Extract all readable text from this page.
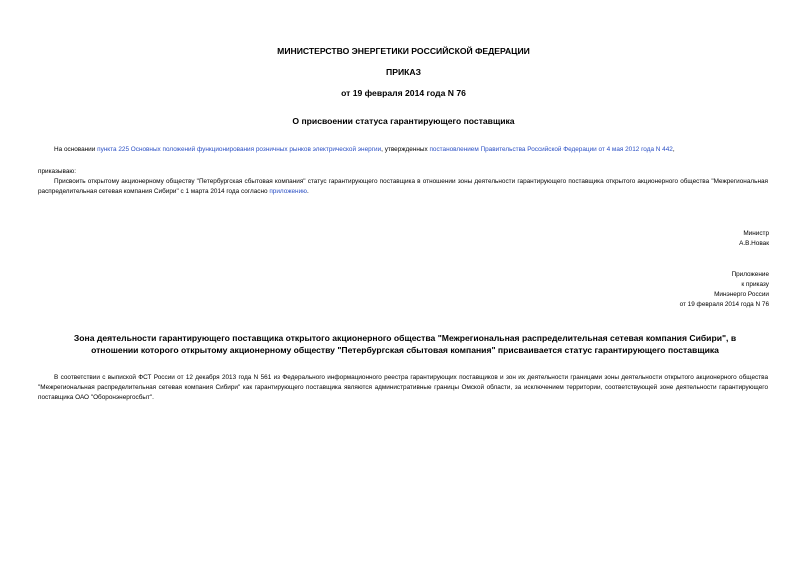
МИНИСТЕРСТВО ЭНЕРГЕТИКИ РОССИЙСКОЙ ФЕДЕРАЦИИ
ПРИКАЗ
от 19 февраля 2014 года N 76
О присвоении статуса гарантирующего поставщика
На основании пункта 225 Основных положений функционирования розничных рынков электрической энергии, утвержденных постановлением Правительства Российской Федерации от 4 мая 2012 года N 442,
приказываю:
Присвоить открытому акционерному обществу "Петербургская сбытовая компания" статус гарантирующего поставщика в отношении зоны деятельности гарантирующего поставщика открытого акционерного общества "Межрегиональная распределительная сетевая компания Сибири" с 1 марта 2014 года согласно приложению.
Министр
А.В.Новак
Приложение
к приказу
Минэнерго России
от 19 февраля 2014 года N 76
Зона деятельности гарантирующего поставщика открытого акционерного общества "Межрегиональная распределительная сетевая компания Сибири", в отношении которого открытому акционерному обществу "Петербургская сбытовая компания" присваивается статус гарантирующего поставщика
В соответствии с выпиской ФСТ России от 12 декабря 2013 года N 561 из Федерального информационного реестра гарантирующих поставщиков и зон их деятельности границами зоны деятельности открытого акционерного общества "Межрегиональная распределительная сетевая компания Сибири" как гарантирующего поставщика являются административные границы Омской области, за исключением территории, соответствующей зоне деятельности гарантирующего поставщика ОАО "Оборонэнергосбыт".
